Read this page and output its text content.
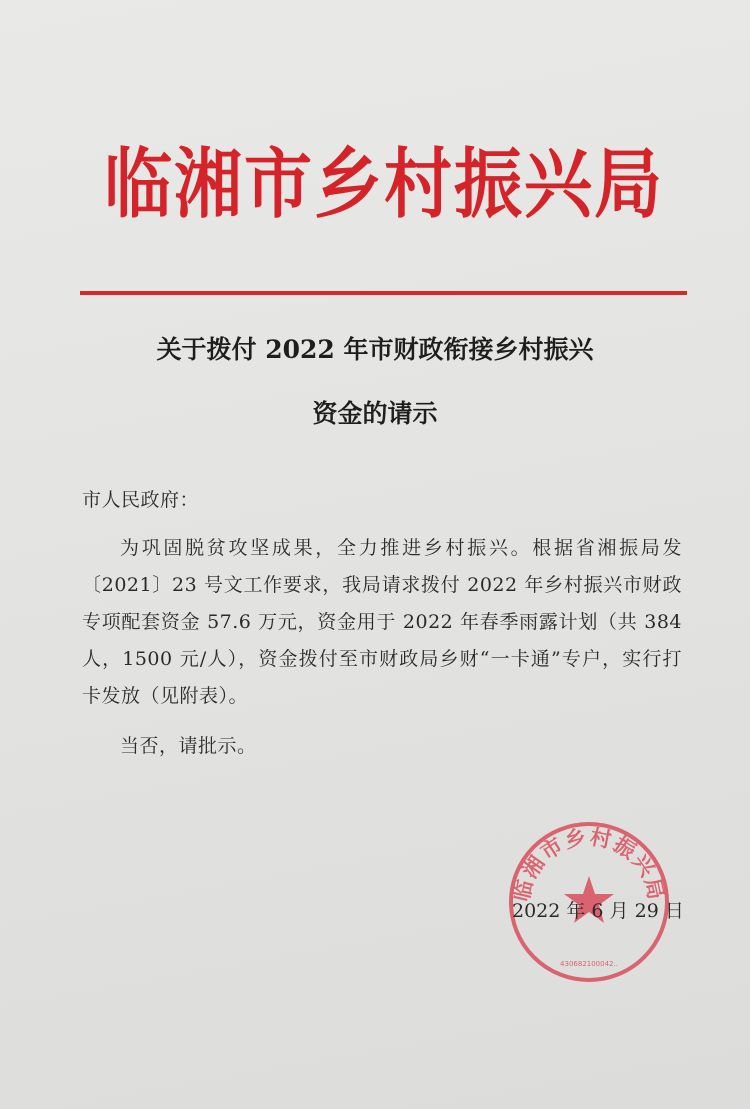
临湘市乡村振兴局
关于拨付 2022 年市财政衔接乡村振兴
资金的请示
市人民政府：
为巩固脱贫攻坚成果，全力推进乡村振兴。根据省湘振局发〔2021〕23 号文工作要求，我局请求拨付 2022 年乡村振兴市财政专项配套资金 57.6 万元，资金用于 2022 年春季雨露计划（共 384 人，1500 元/人），资金拨付至市财政局乡财“一卡通”专户，实行打卡发放（见附表）。
当否，请批示。
临湘市乡村振兴局
430682100042..
2022 年 6 月 29 日
